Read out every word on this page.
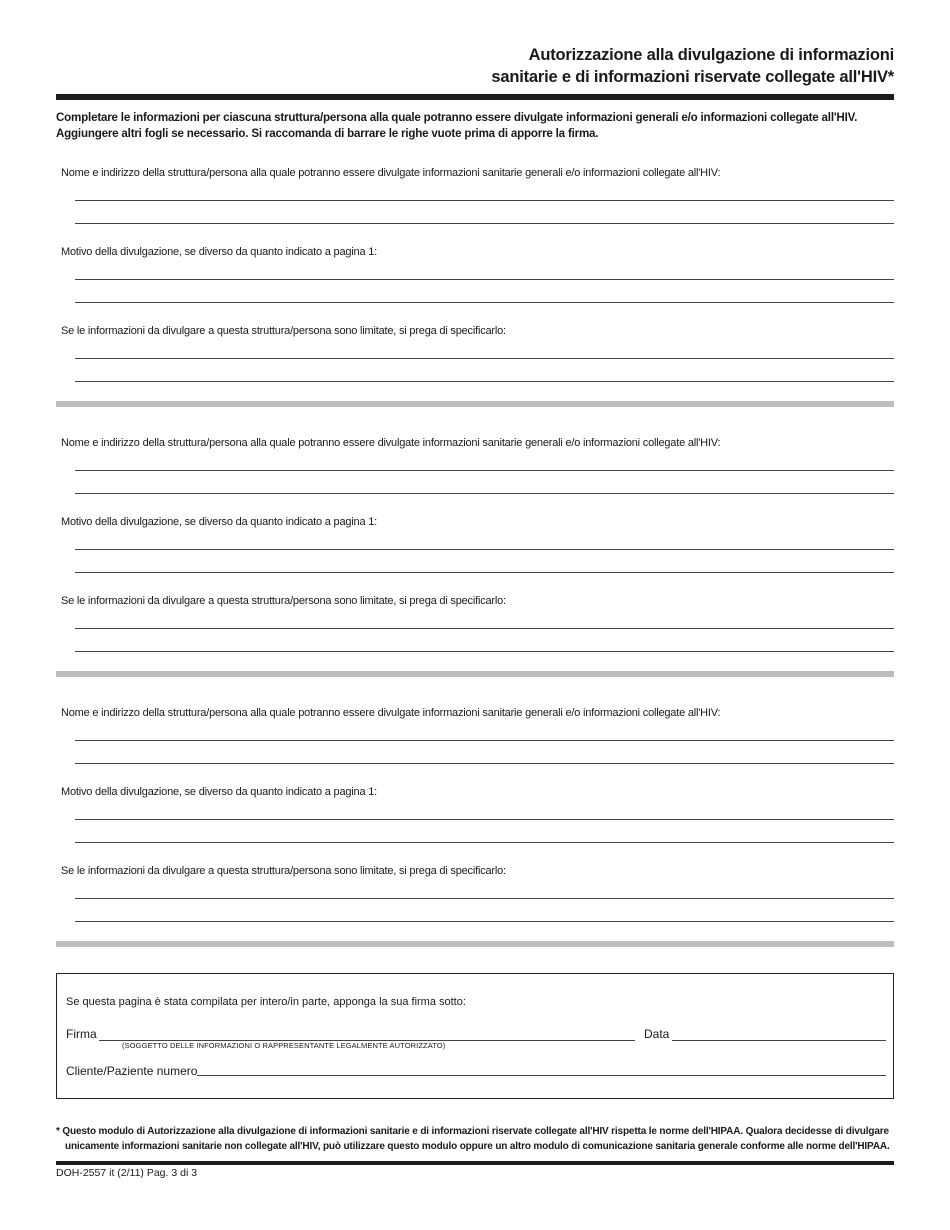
Autorizzazione alla divulgazione di informazioni
sanitarie e di informazioni riservate collegate all'HIV*
Completare le informazioni per ciascuna struttura/persona alla quale potranno essere divulgate informazioni generali e/o informazioni collegate all'HIV.
Aggiungere altri fogli se necessario. Si raccomanda di barrare le righe vuote prima di apporre la firma.
Nome e indirizzo della struttura/persona alla quale potranno essere divulgate informazioni sanitarie generali e/o informazioni collegate all'HIV:
Motivo della divulgazione, se diverso da quanto indicato a pagina 1:
Se le informazioni da divulgare a questa struttura/persona sono limitate, si prega di specificarlo:
Nome e indirizzo della struttura/persona alla quale potranno essere divulgate informazioni sanitarie generali e/o informazioni collegate all'HIV:
Motivo della divulgazione, se diverso da quanto indicato a pagina 1:
Se le informazioni da divulgare a questa struttura/persona sono limitate, si prega di specificarlo:
Nome e indirizzo della struttura/persona alla quale potranno essere divulgate informazioni sanitarie generali e/o informazioni collegate all'HIV:
Motivo della divulgazione, se diverso da quanto indicato a pagina 1:
Se le informazioni da divulgare a questa struttura/persona sono limitate, si prega di specificarlo:
Se questa pagina è stata compilata per intero/in parte, apponga la sua firma sotto:
Firma
(SOGGETTO DELLE INFORMAZIONI O RAPPRESENTANTE LEGALMENTE AUTORIZZATO)
Data
Cliente/Paziente numero
* Questo modulo di Autorizzazione alla divulgazione di informazioni sanitarie e di informazioni riservate collegate all'HIV rispetta le norme dell'HIPAA. Qualora decidesse di divulgare
unicamente informazioni sanitarie non collegate all'HIV, può utilizzare questo modulo oppure un altro modulo di comunicazione sanitaria generale conforme alle norme dell'HIPAA.
DOH-2557 it (2/11) Pag. 3 di 3
